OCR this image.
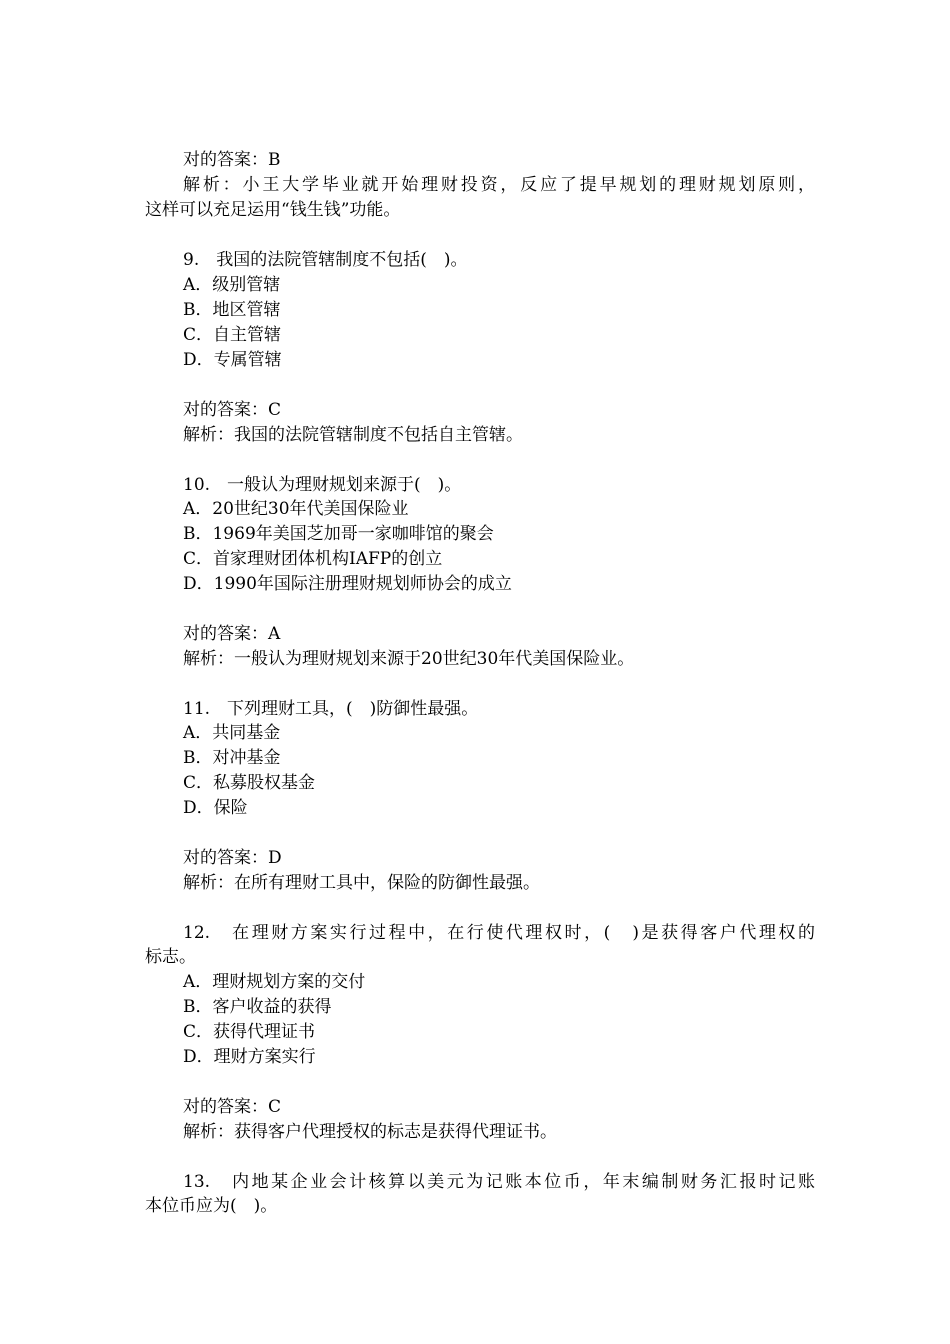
对的答案：B
解析：小王大学毕业就开始理财投资，反应了提早规划的理财规划原则，
这样可以充足运用“钱生钱”功能。
9.　我国的法院管辖制度不包括(　)。
A．级别管辖
B．地区管辖
C．自主管辖
D．专属管辖
对的答案：C
解析：我国的法院管辖制度不包括自主管辖。
10.　一般认为理财规划来源于(　)。
A．20世纪30年代美国保险业
B．1969年美国芝加哥一家咖啡馆的聚会
C．首家理财团体机构IAFP的创立
D．1990年国际注册理财规划师协会的成立
对的答案：A
解析：一般认为理财规划来源于20世纪30年代美国保险业。
11.　下列理财工具，(　)防御性最强。
A．共同基金
B．对冲基金
C．私募股权基金
D．保险
对的答案：D
解析：在所有理财工具中，保险的防御性最强。
12.　在理财方案实行过程中，在行使代理权时，(　)是获得客户代理权的
标志。
A．理财规划方案的交付
B．客户收益的获得
C．获得代理证书
D．理财方案实行
对的答案：C
解析：获得客户代理授权的标志是获得代理证书。
13.　内地某企业会计核算以美元为记账本位币，年末编制财务汇报时记账
本位币应为(　)。
